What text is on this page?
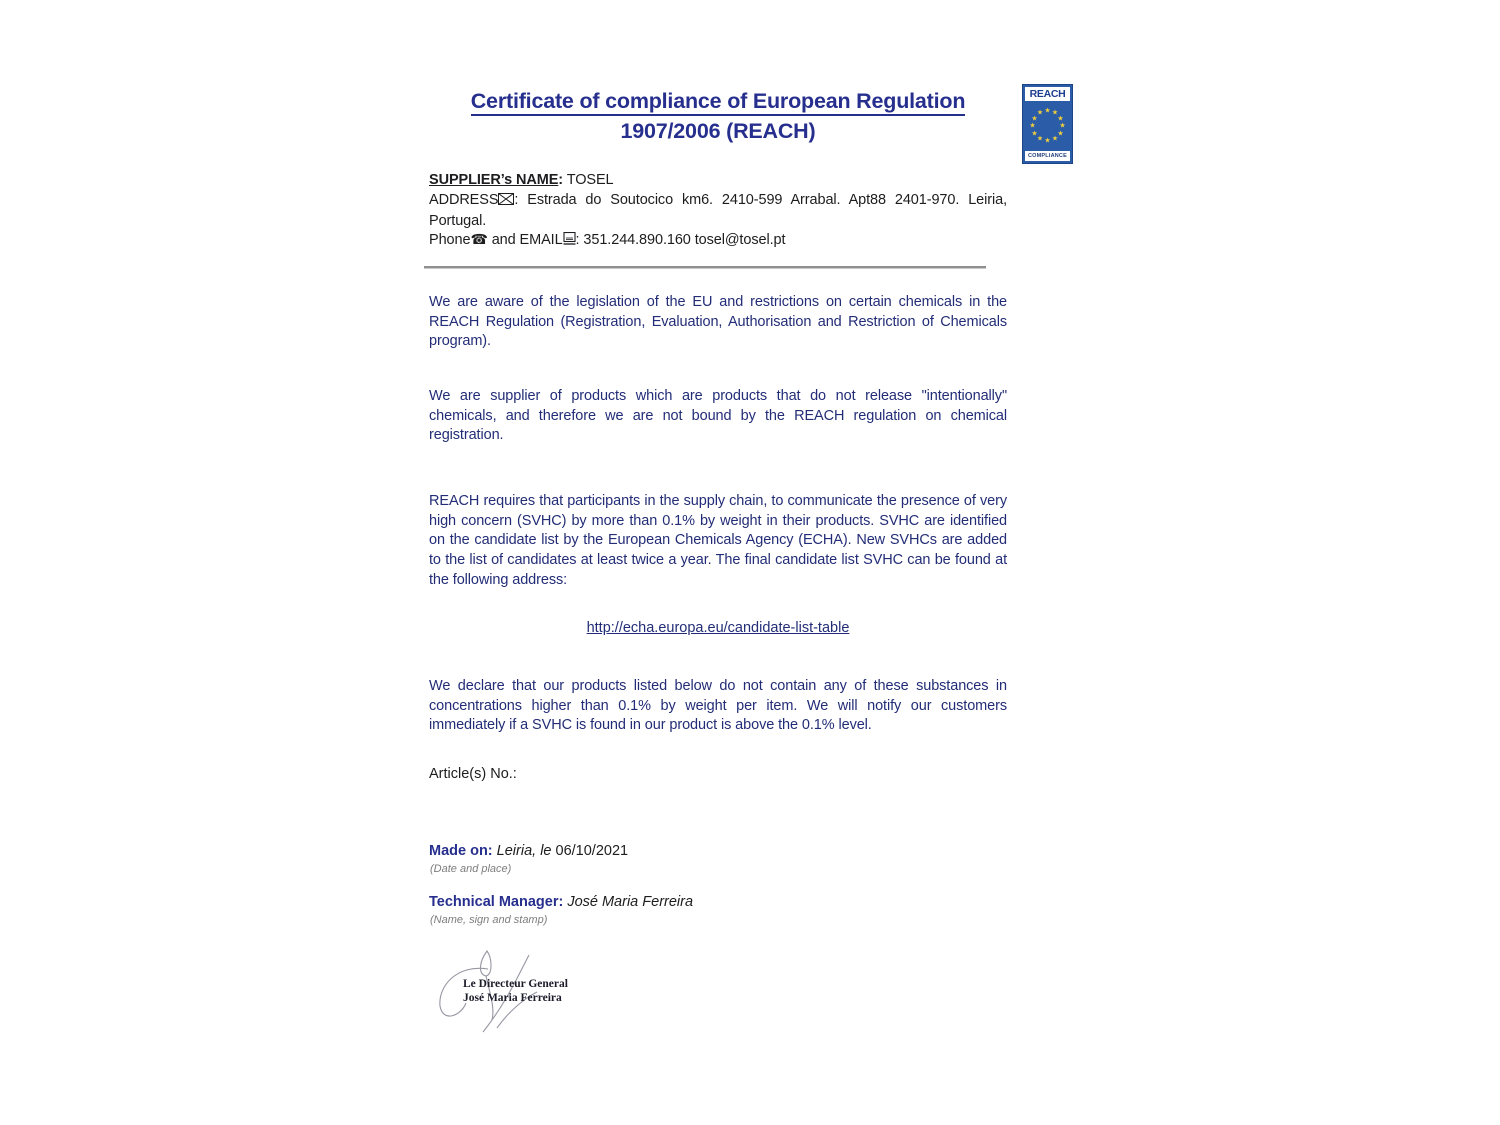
Certificate of compliance of European Regulation
1907/2006 (REACH)
REACH
★ ★
★
★
★
★
★
★
★
★
★
★
COMPLIANCE
SUPPLIER’s NAME: TOSEL
ADDRESS : Estrada do Soutocico km6. 2410-599 Arrabal. Apt88 2401-970. Leiria, Portugal.
Phone☎ and EMAIL : 351.244.890.160 tosel@tosel.pt

We are aware of the legislation of the EU and restrictions on certain chemicals in the REACH Regulation (Registration, Evaluation, Authorisation and Restriction of Chemicals program).

We are supplier of products which are products that do not release "intentionally" chemicals, and therefore we are not bound by the REACH regulation on chemical registration.

REACH requires that participants in the supply chain, to communicate the presence of very high concern (SVHC) by more than 0.1% by weight in their products. SVHC are identified on the candidate list by the European Chemicals Agency (ECHA). New SVHCs are added to the list of candidates at least twice a year. The final candidate list SVHC can be found at the following address:

http://echa.europa.eu/candidate-list-table

We declare that our products listed below do not contain any of these substances in concentrations higher than 0.1% by weight per item. We will notify our customers immediately if a SVHC is found in our product is above the 0.1% level.

Article(s) No.:
Made on: Leiria, le 06/10/2021
(Date and place)
Technical Manager: José Maria Ferreira
(Name, sign and stamp)
Le Directeur General
José Maria Ferreira
